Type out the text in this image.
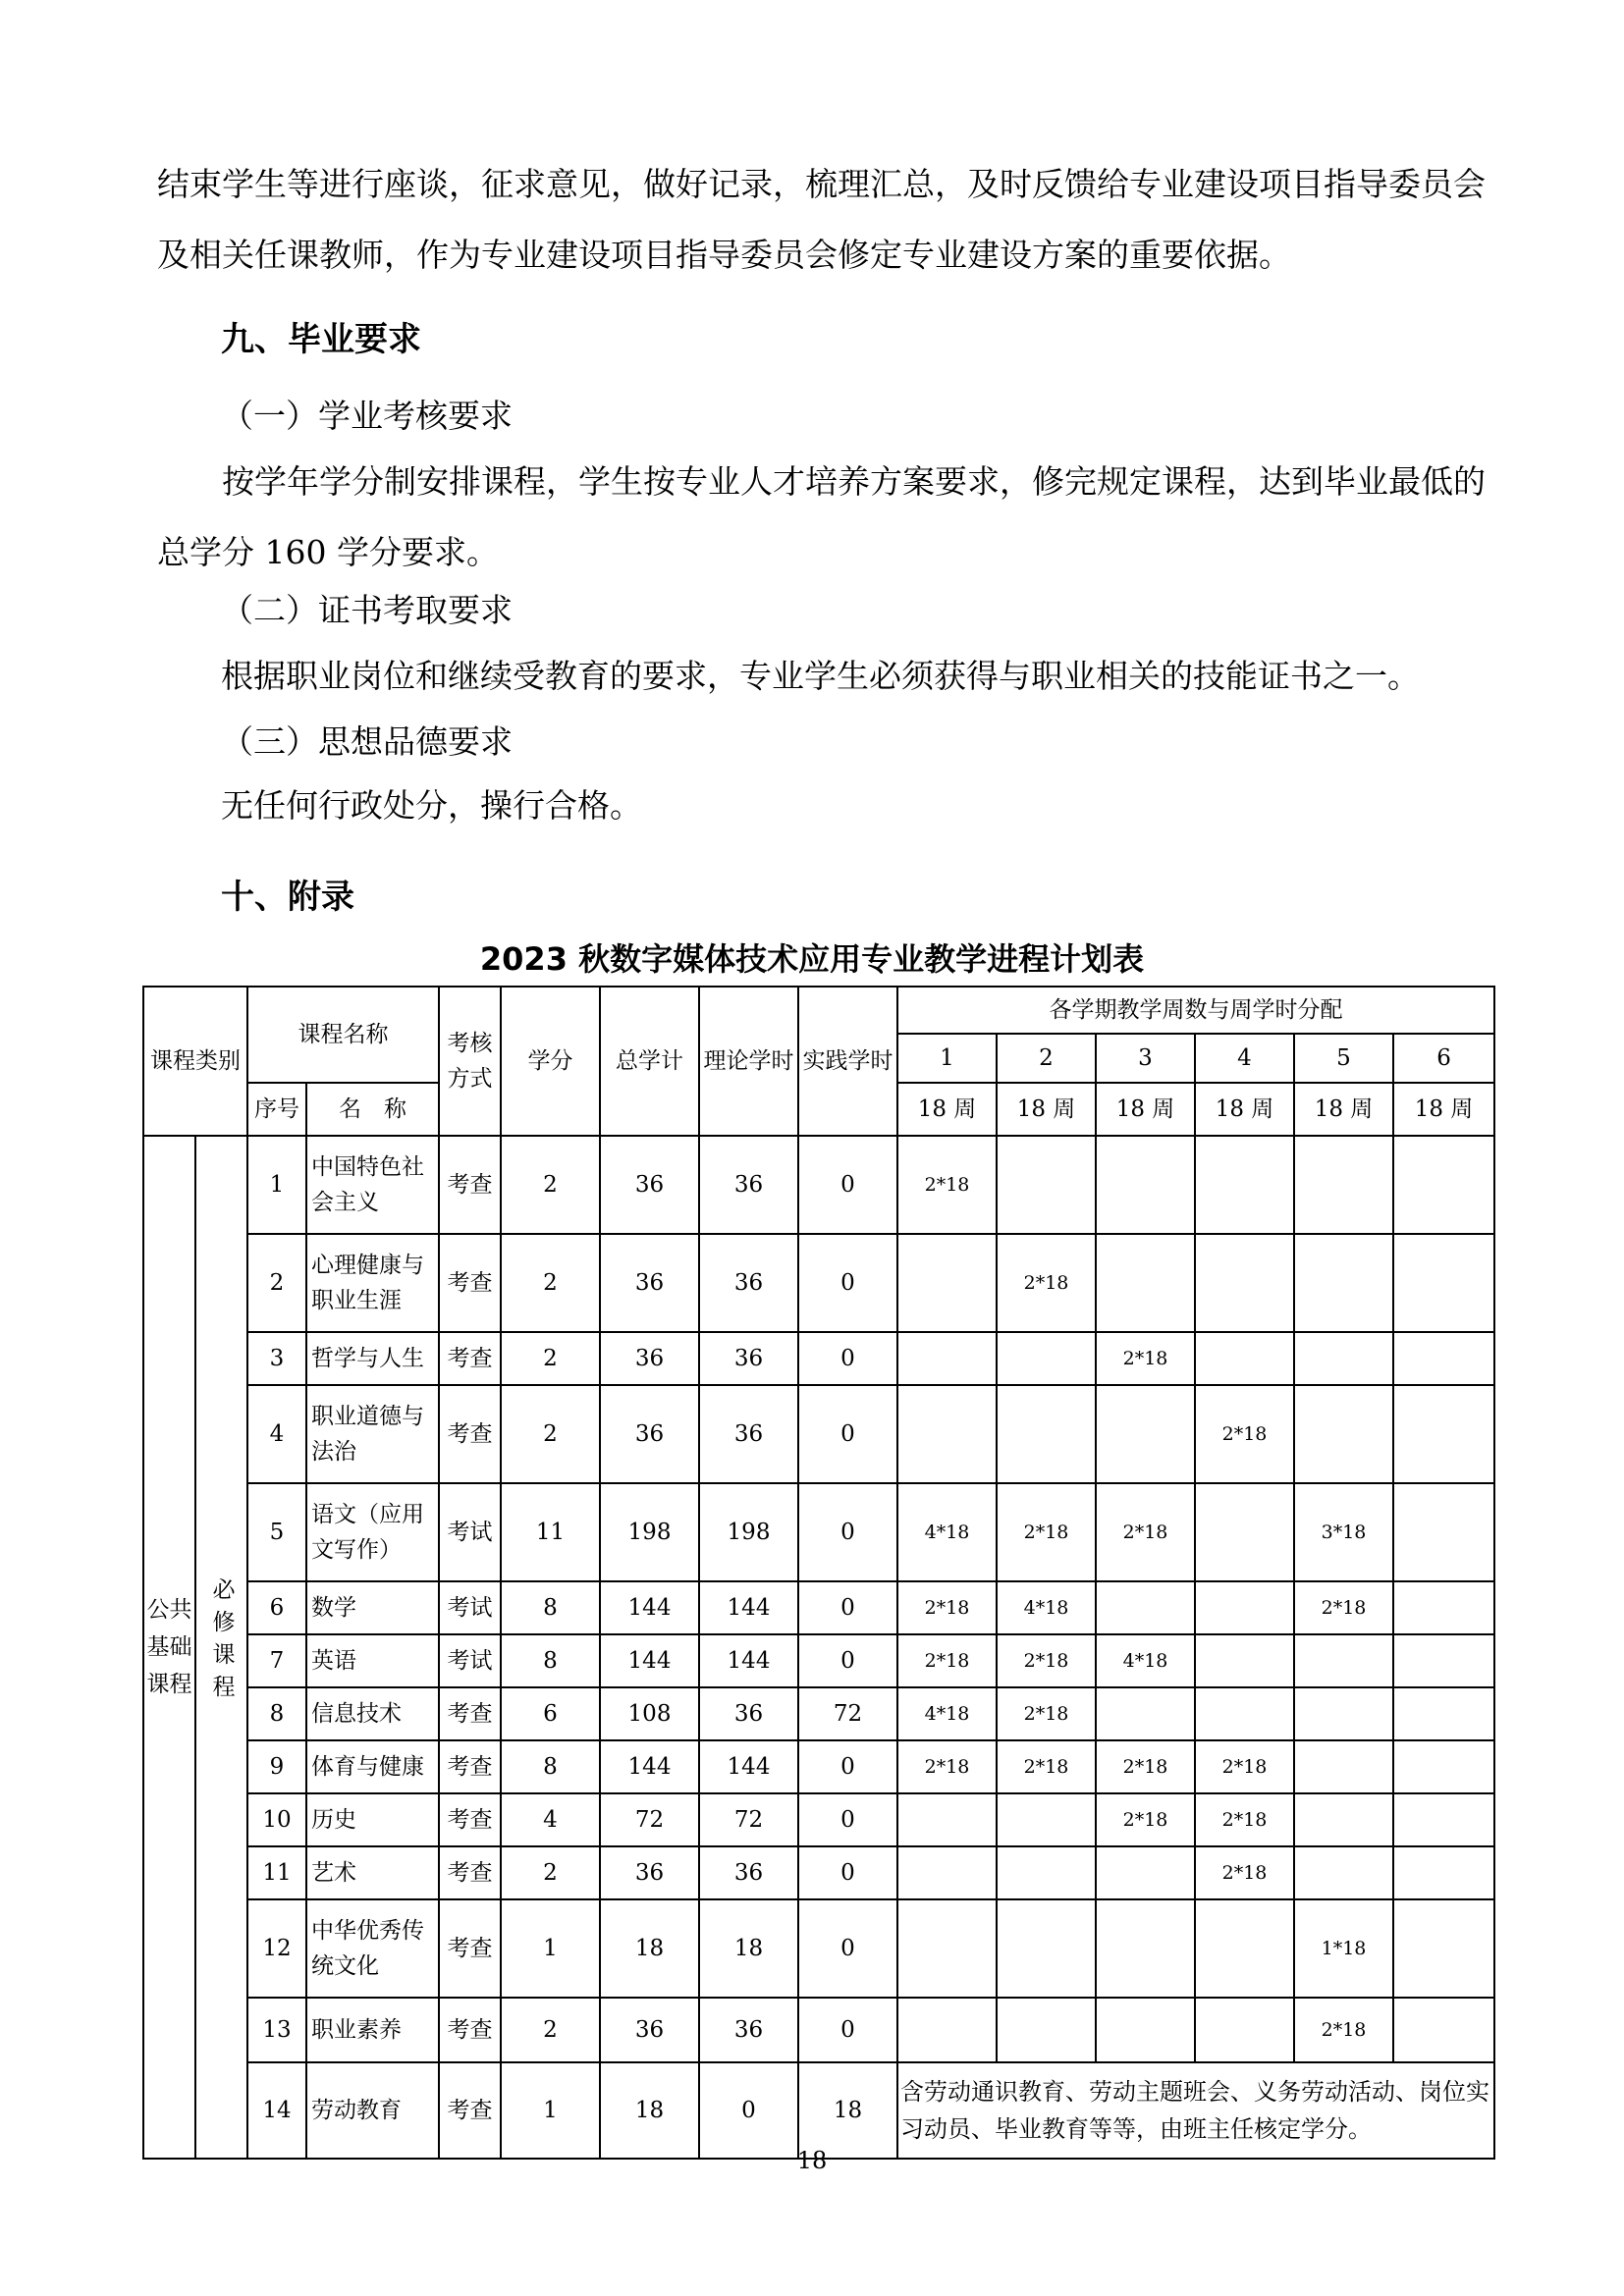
结束学生等进行座谈，征求意见，做好记录，梳理汇总，及时反馈给专业建设项目指导委员会及相关任课教师，作为专业建设项目指导委员会修定专业建设方案的重要依据。

九、毕业要求

（一）学业考核要求

按学年学分制安排课程，学生按专业人才培养方案要求，修完规定课程，达到毕业最低的总学分 160 学分要求。

（二）证书考取要求

根据职业岗位和继续受教育的要求，专业学生必须获得与职业相关的技能证书之一。

（三）思想品德要求

无任何行政处分，操行合格。

十、附录

2023 秋数字媒体技术应用专业教学进程计划表

课程类别		课程名称		考核方式	学分	总学计	理论学时	实践学时	各学期教学周数与周学时分配					
									1	2	3	4	5	6
		序号	名　称						18 周	18 周	18 周	18 周	18 周	18 周
公共基础课程	必修课程	1	中国特色社会主义	考查	2	36	36	0	2*18					
		2	心理健康与职业生涯	考查	2	36	36	0		2*18				
		3	哲学与人生	考查	2	36	36	0			2*18			
		4	职业道德与法治	考查	2	36	36	0				2*18		
		5	语文（应用文写作）	考试	11	198	198	0	4*18	2*18	2*18		3*18	
		6	数学	考试	8	144	144	0	2*18	4*18			2*18	
		7	英语	考试	8	144	144	0	2*18	2*18	4*18			
		8	信息技术	考查	6	108	36	72	4*18	2*18				
		9	体育与健康	考查	8	144	144	0	2*18	2*18	2*18	2*18		
		10	历史	考查	4	72	72	0			2*18	2*18		
		11	艺术	考查	2	36	36	0				2*18		
		12	中华优秀传统文化	考查	1	18	18	0					1*18	
		13	职业素养	考查	2	36	36	0					2*18	
		14	劳动教育	考查	1	18	0	18	含劳动通识教育、劳动主题班会、义务劳动活动、岗位实习动员、毕业教育等等，由班主任核定学分。					

18
